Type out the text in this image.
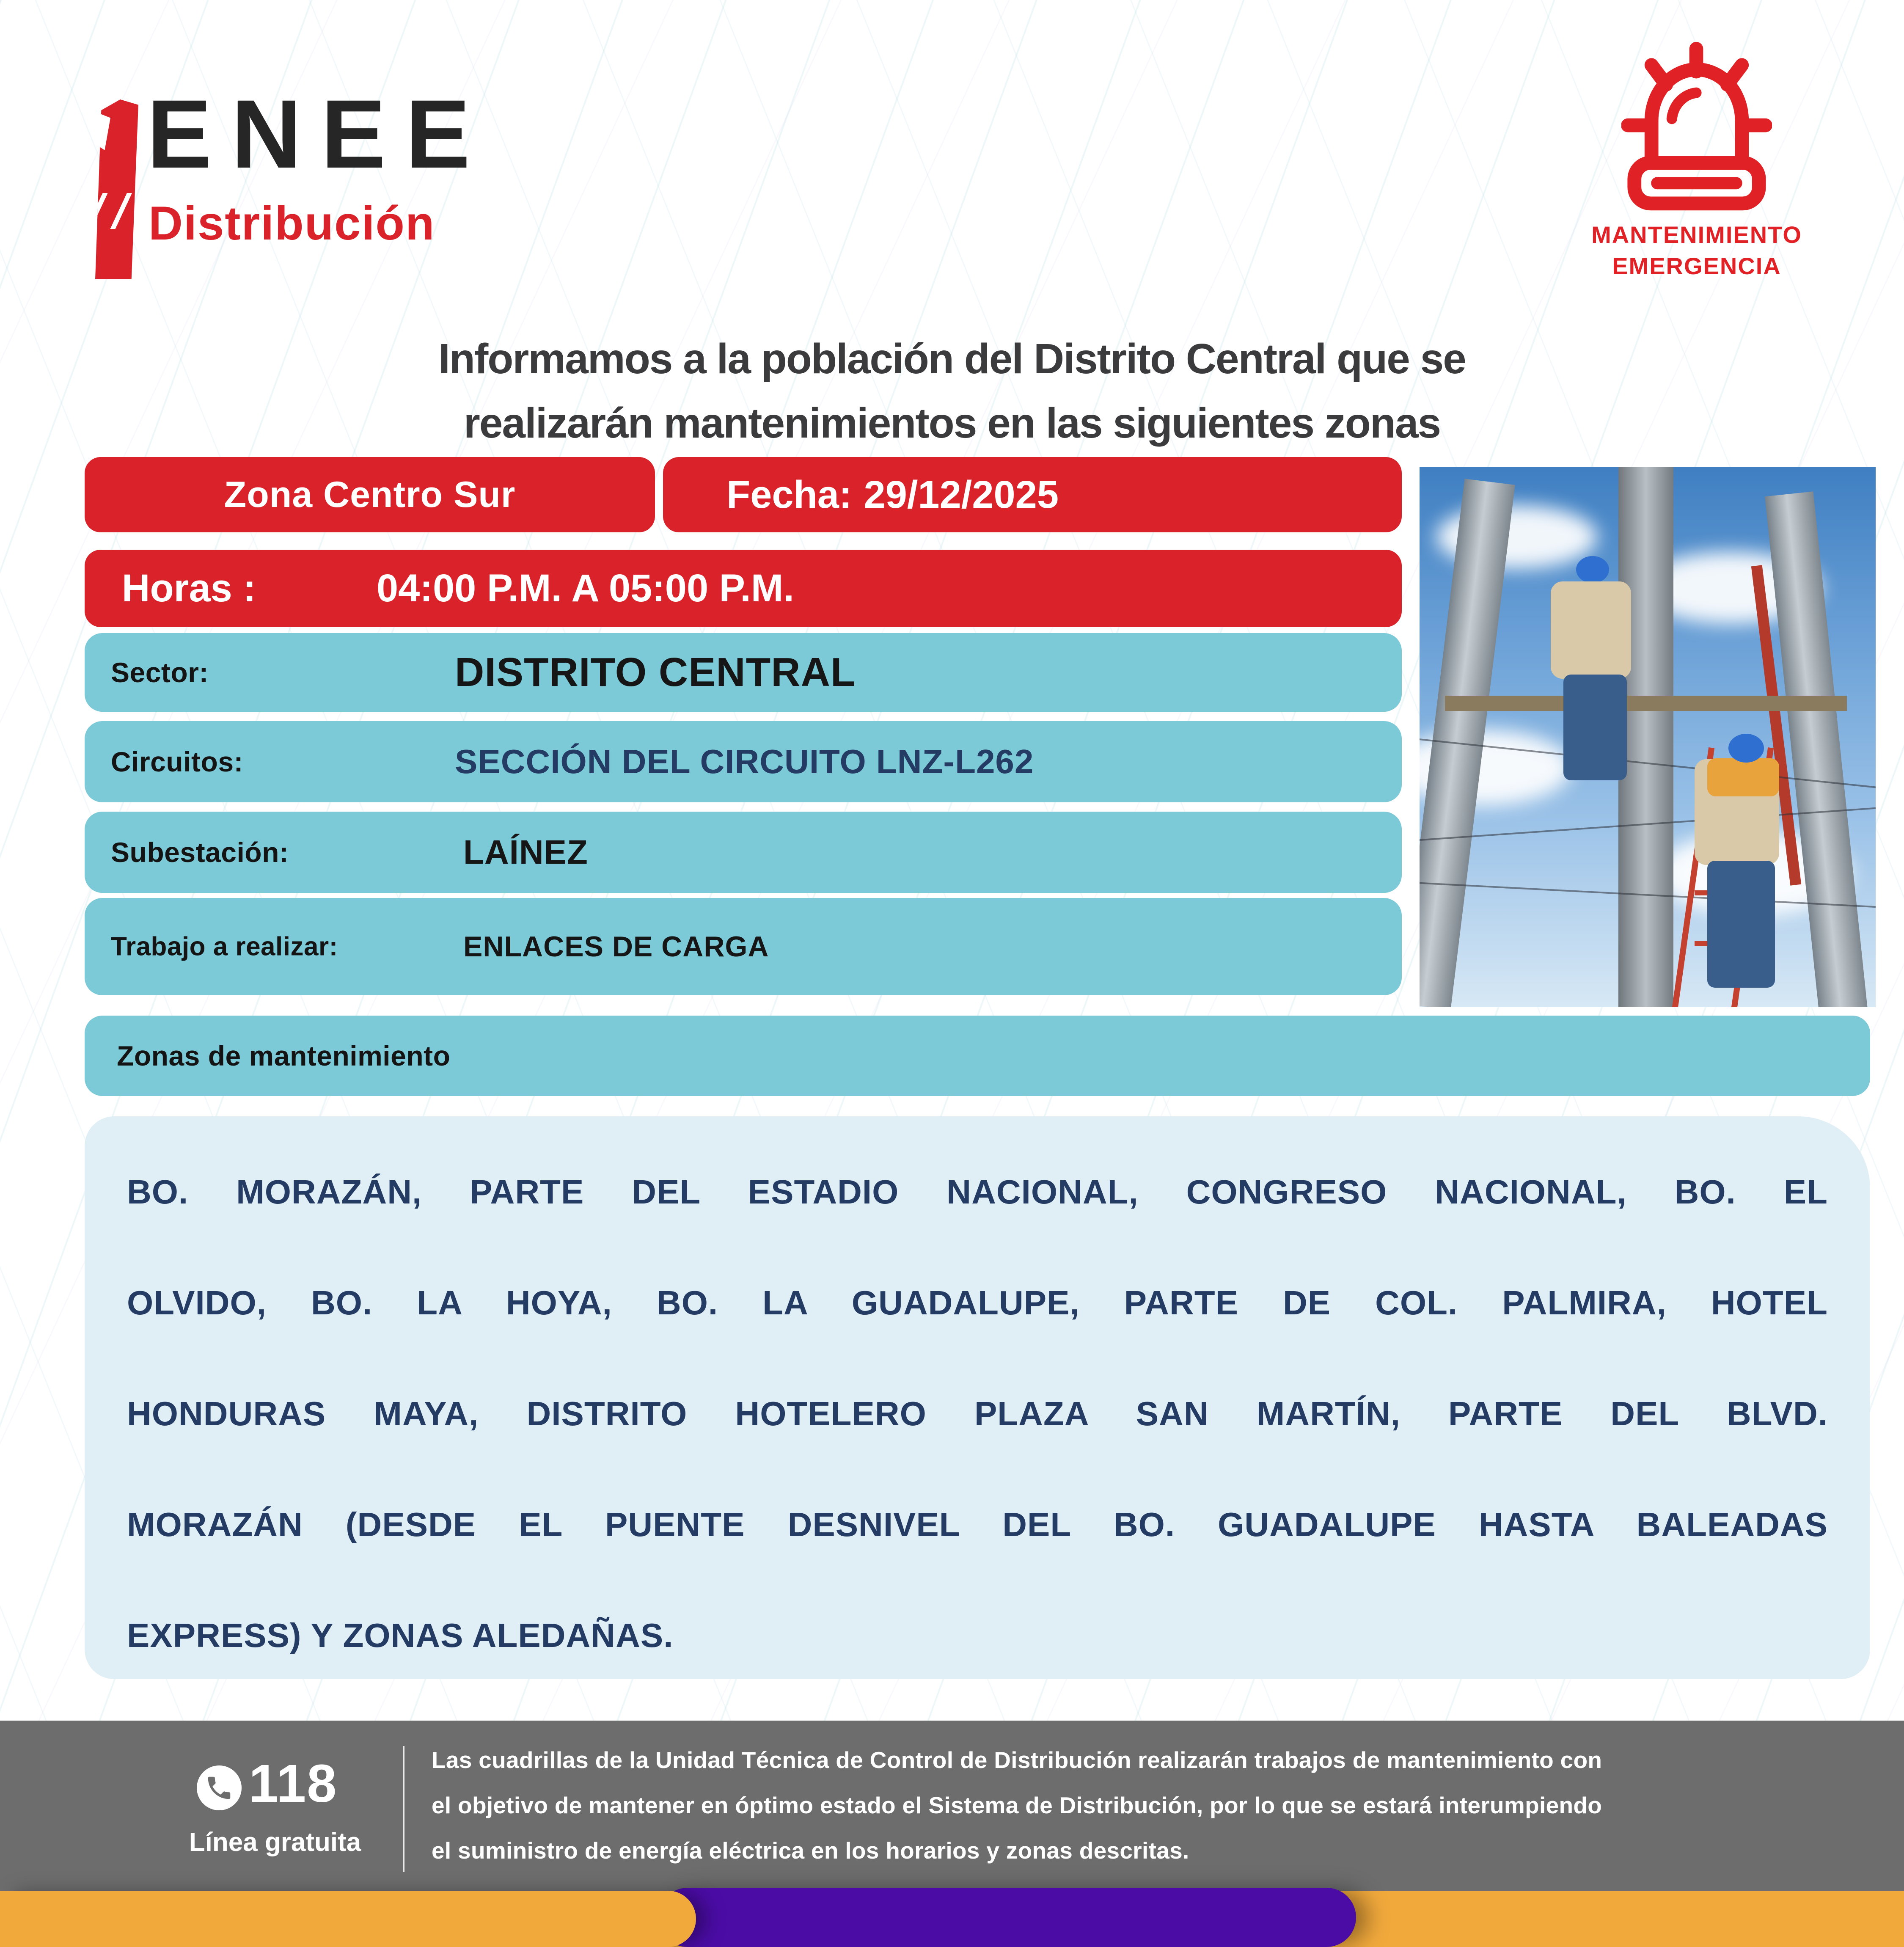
ENEE
Distribución	MANTENIMIENTO
EMERGENCIA
Informamos a la población del Distrito Central que se
realizarán mantenimientos en las siguientes zonas
Zona Centro Sur	Fecha: 29/12/2025
Horas :	04:00 P.M. A 05:00 P.M.
Sector:	DISTRITO CENTRAL
Circuitos:	SECCIÓN DEL CIRCUITO LNZ-L262
Subestación:	LAÍNEZ
Trabajo a realizar:	ENLACES DE CARGA
Zonas de mantenimiento
BO. MORAZÁN, PARTE DEL ESTADIO NACIONAL, CONGRESO NACIONAL, BO. EL
OLVIDO, BO. LA HOYA, BO. LA GUADALUPE, PARTE DE COL. PALMIRA, HOTEL
HONDURAS MAYA, DISTRITO HOTELERO PLAZA SAN MARTÍN, PARTE DEL BLVD.
MORAZÁN (DESDE EL PUENTE DESNIVEL DEL BO. GUADALUPE HASTA BALEADAS
EXPRESS) Y ZONAS ALEDAÑAS.
118
Línea gratuita
Las cuadrillas de la Unidad Técnica de Control de Distribución realizarán trabajos de mantenimiento con
el objetivo de mantener en óptimo estado el Sistema de Distribución, por lo que se estará interumpiendo
el suministro de energía eléctrica en los horarios y zonas descritas.
